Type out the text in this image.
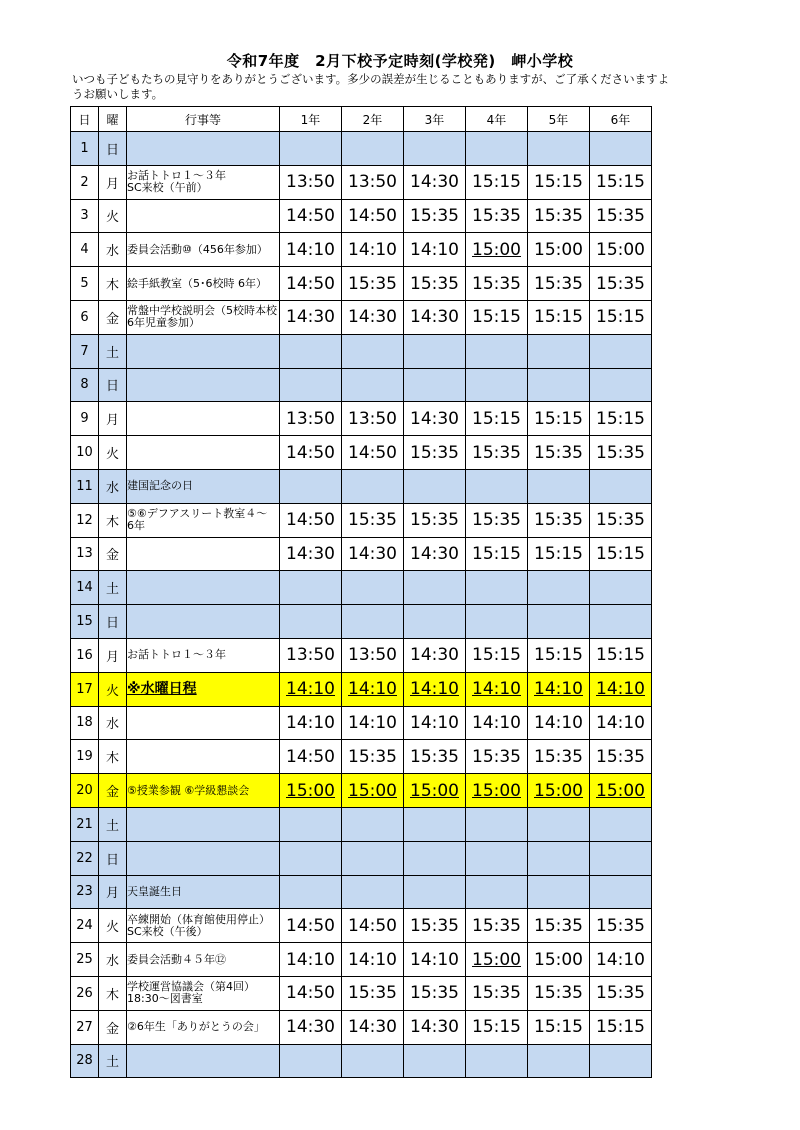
令和7年度　2月下校予定時刻(学校発)　岬小学校
いつも子どもたちの見守りをありがとうございます。多少の誤差が生じることもありますが、ご了承くださいますようお願いします。
日	曜	行事等	1年	2年	3年	4年	5年	6年
1	日							
2	月	お話トトロ１～３年
SC来校（午前）	13:50	13:50	14:30	15:15	15:15	15:15
3	火		14:50	14:50	15:35	15:35	15:35	15:35
4	水	委員会活動⑩（456年参加）	14:10	14:10	14:10	15:00	15:00	15:00
5	木	絵手紙教室（5･6校時 6年）	14:50	15:35	15:35	15:35	15:35	15:35
6	金	常盤中学校説明会（5校時本校
6年児童参加）	14:30	14:30	14:30	15:15	15:15	15:15
7	土							
8	日							
9	月		13:50	13:50	14:30	15:15	15:15	15:15
10	火		14:50	14:50	15:35	15:35	15:35	15:35
11	水	建国記念の日						
12	木	⑤⑥デフアスリート教室４～
6年	14:50	15:35	15:35	15:35	15:35	15:35
13	金		14:30	14:30	14:30	15:15	15:15	15:15
14	土							
15	日							
16	月	お話トトロ１～３年	13:50	13:50	14:30	15:15	15:15	15:15
17	火	※水曜日程	14:10	14:10	14:10	14:10	14:10	14:10
18	水		14:10	14:10	14:10	14:10	14:10	14:10
19	木		14:50	15:35	15:35	15:35	15:35	15:35
20	金	⑤授業参観 ⑥学級懇談会	15:00	15:00	15:00	15:00	15:00	15:00
21	土							
22	日							
23	月	天皇誕生日						
24	火	卒練開始（体育館使用停止）
SC来校（午後）	14:50	14:50	15:35	15:35	15:35	15:35
25	水	委員会活動４５年⑫	14:10	14:10	14:10	15:00	15:00	14:10
26	木	学校運営協議会（第4回）
18:30～図書室	14:50	15:35	15:35	15:35	15:35	15:35
27	金	②6年生「ありがとうの会」	14:30	14:30	14:30	15:15	15:15	15:15
28	土							
